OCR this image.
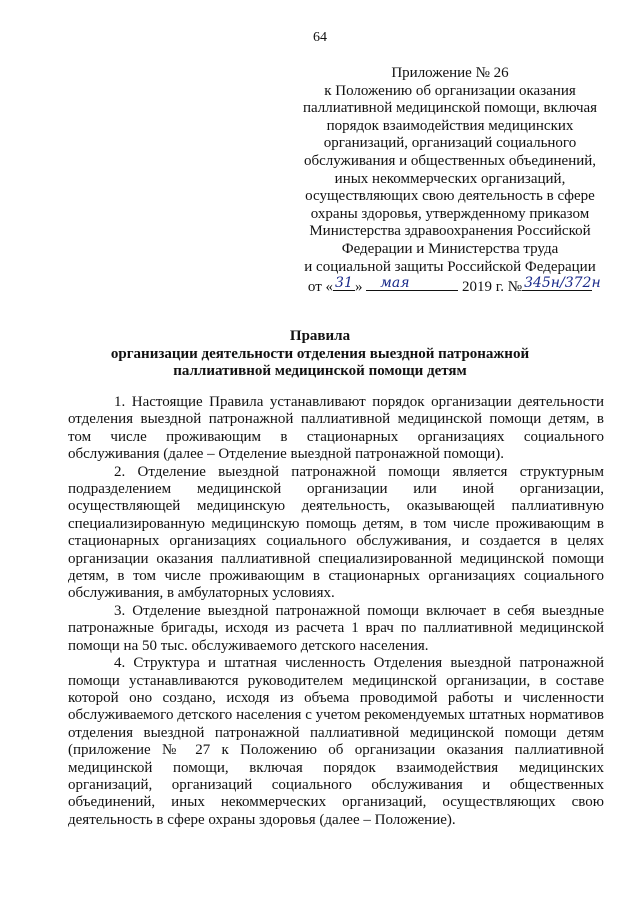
64
Приложение № 26
к Положению об организации оказания
паллиативной медицинской помощи, включая
порядок взаимодействия медицинских
организаций, организаций социального
обслуживания и общественных объединений,
иных некоммерческих организаций,
осуществляющих свою деятельность в сфере
охраны здоровья, утвержденному приказом
Министерства здравоохранения Российской
Федерации и Министерства труда
и социальной защиты Российской Федерации
от « 31 » мая	2019 г. № 345н/372н
Правила
организации деятельности отделения выездной патронажной
паллиативной медицинской помощи детям

1. Настоящие Правила устанавливают порядок организации деятельности отделения выездной патронажной паллиативной медицинской помощи детям, в том числе проживающим в стационарных организациях социального обслуживания (далее – Отделение выездной патронажной помощи).

2. Отделение выездной патронажной помощи является структурным подразделением медицинской организации или иной организации, осуществляющей медицинскую деятельность, оказывающей паллиативную специализированную медицинскую помощь детям, в том числе проживающим в стационарных организациях социального обслуживания, и создается в целях организации оказания паллиативной специализированной медицинской помощи детям, в том числе проживающим в стационарных организациях социального обслуживания, в амбулаторных условиях.

3. Отделение выездной патронажной помощи включает в себя выездные патронажные бригады, исходя из расчета 1 врач по паллиативной медицинской помощи на 50 тыс. обслуживаемого детского населения.

4. Структура и штатная численность Отделения выездной патронажной помощи устанавливаются руководителем медицинской организации, в составе которой оно создано, исходя из объема проводимой работы и численности обслуживаемого детского населения с учетом рекомендуемых штатных нормативов отделения выездной патронажной паллиативной медицинской помощи детям (приложение № 27 к Положению об организации оказания паллиативной медицинской помощи, включая порядок взаимодействия медицинских организаций, организаций социального обслуживания и общественных объединений, иных некоммерческих организаций, осуществляющих свою деятельность в сфере охраны здоровья (далее – Положение).
